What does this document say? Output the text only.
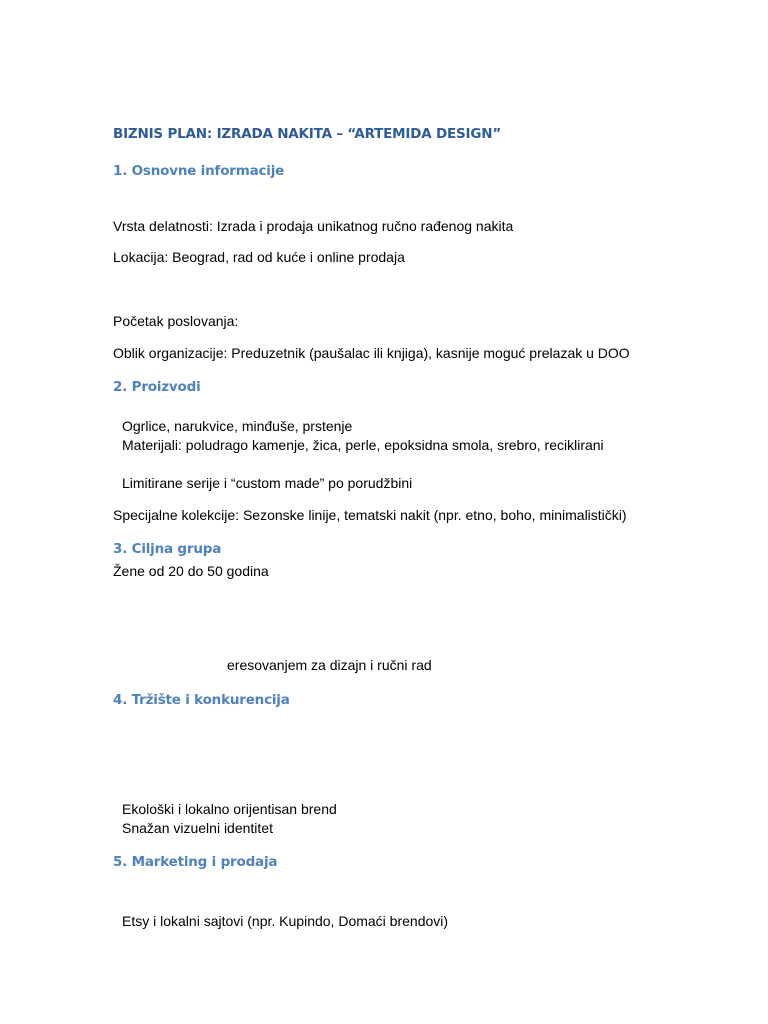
BIZNIS PLAN: IZRADA NAKITA – “ARTEMIDA DESIGN”
1. Osnovne informacije
Vrsta delatnosti: Izrada i prodaja unikatnog ručno rađenog nakita
Lokacija: Beograd, rad od kuće i online prodaja
Početak poslovanja:
Oblik organizacije: Preduzetnik (paušalac ili knjiga), kasnije moguć prelazak u DOO
2. Proizvodi
Ogrlice, narukvice, minđuše, prstenje
Materijali: poludrago kamenje, žica, perle, epoksidna smola, srebro, reciklirani
Limitirane serije i “custom made” po porudžbini
Specijalne kolekcije: Sezonske linije, tematski nakit (npr. etno, boho, minimalistički)
3. Ciljna grupa
Žene od 20 do 50 godina
eresovanjem za dizajn i ručni rad
4. Tržište i konkurencija
Ekološki i lokalno orijentisan brend
Snažan vizuelni identitet
5. Marketing i prodaja
Etsy i lokalni sajtovi (npr. Kupindo, Domaći brendovi)
